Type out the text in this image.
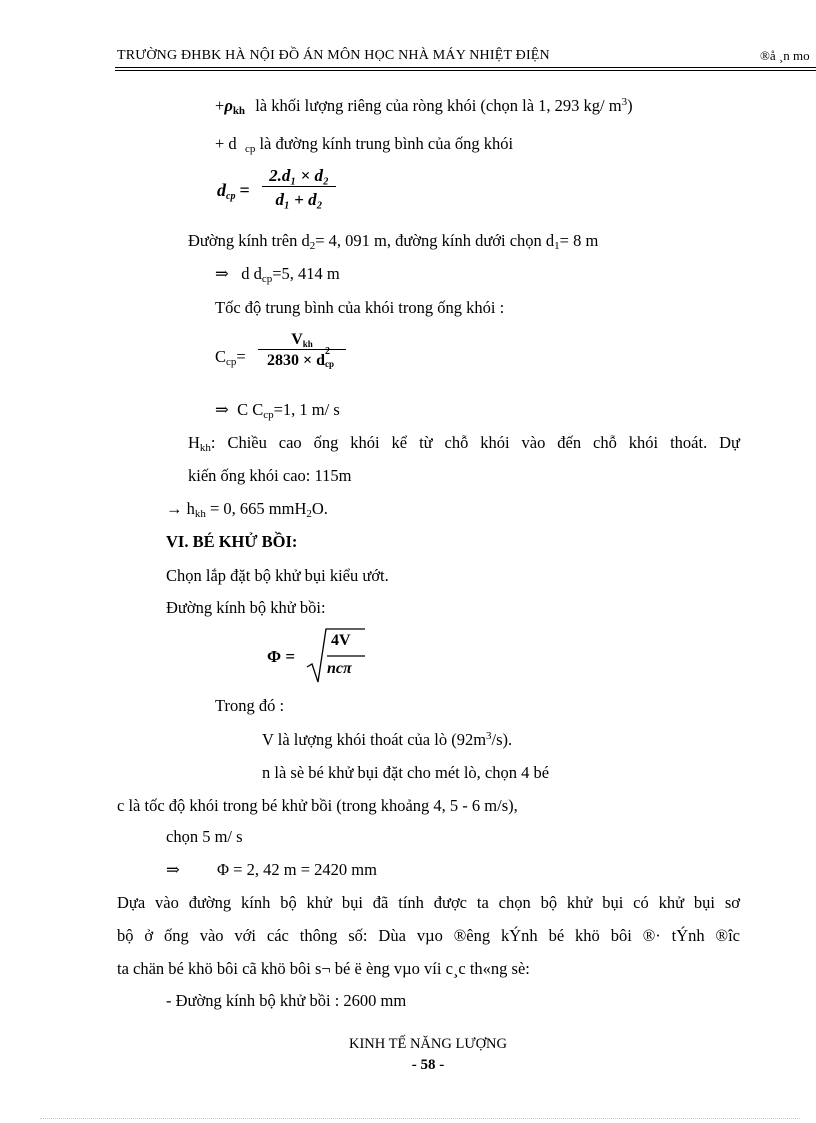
TRƯỜNG ĐHBK HÀ NỘI ĐỒ ÁN MÔN HỌC NHÀ MÁY NHIỆT ĐIỆN	®å ¸n mo
$+\rho_{kh}$ là khối lượng riêng của ròng khói (chọn là 1, 293 kg/ $m^3$)
+ d $_{cp}$ là đường kính trung bình của ống khói
$d_{cp}$ =
2.d₁ × d₂
d₁ + d₂
Đường kính trên $d_2= 4$, 091 m, đường kính dưới chọn $d_1= 8$ m
⇒ d $d_{cp}=5$, 414 m
Tốc độ trung bình của khói trong ống khói :
$C_{cp}=$
$V_{kh}$
2830 × d
2
cp
⇒ C $C_{cp}=1$, 1 m/ s
$H_{kh}$: Chiều cao ống khói kể từ chỗ khói vào đến chỗ khói thoát. Dự
kiến ống khói cao: 115m
→ $h_{kh} = 0$, 665 mmH$_2$O.
VI. BÉ KHỬ BỒI:
Chọn lắp đặt bộ khử bụi kiểu ướt.
Đường kính bộ khử bồi:
Φ =
4V
ncπ
Trong đó :
V là lượng khói thoát của lò $(92m^3/s)$.
n là sè bé khử bụi đặt cho mét lò, chọn 4 bé
c là tốc độ khói trong bé khử bồi (trong khoảng 4, 5 - 6 m/s),
chọn 5 m/ s
⇒ Φ = 2, 42 m = 2420 mm
Dựa vào đường kính bộ khử bụi đã tính được ta chọn bộ khử bụi có khử bụi sơ
bộ ở ống vào với các thông số: Dùa vµo ®êng kÝnh bé khö bôi ®· tÝnh ®îc
ta chän bé khö bôi cã khö bôi s¬ bé ë èng vµo víi c¸c th«ng sè:
- Đường kính bộ khử bồi : 2600 mm
KINH TẾ NĂNG LƯỢNG
- 58 -
